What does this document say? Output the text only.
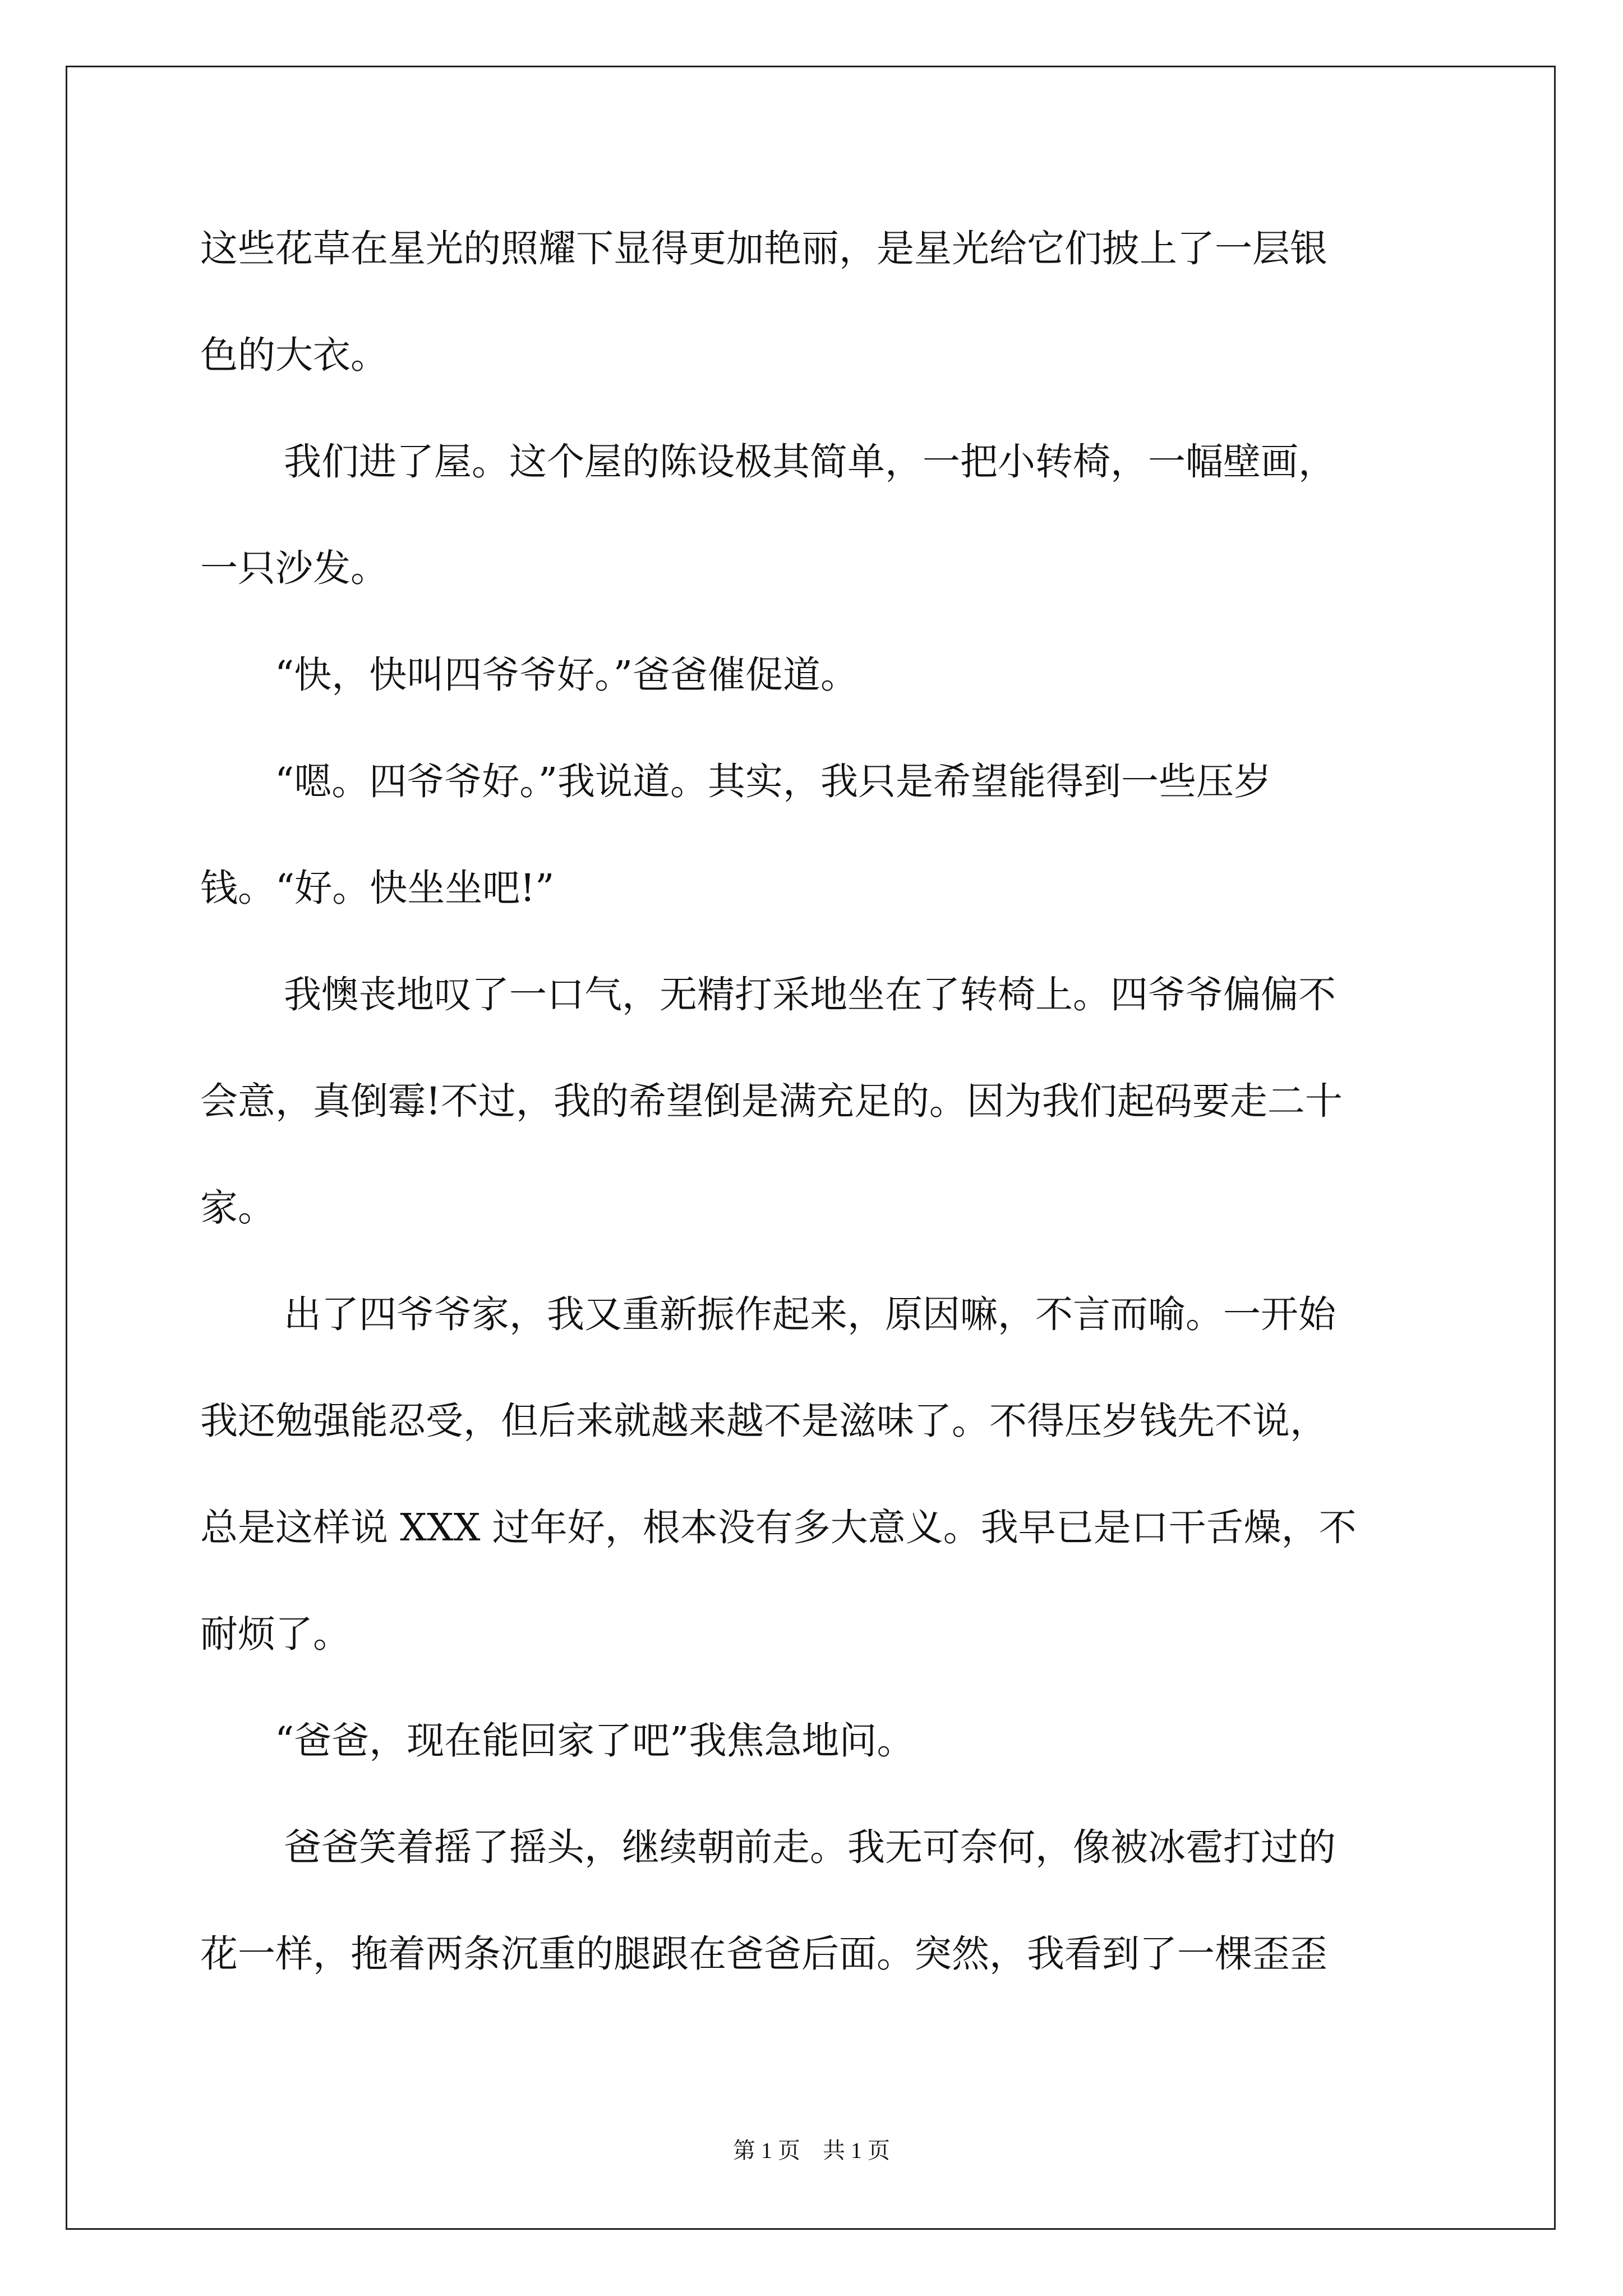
这些花草在星光的照耀下显得更加艳丽，是星光给它们披上了一层银
色的大衣。
我们进了屋。这个屋的陈设极其简单，一把小转椅，一幅壁画，
一只沙发。
“快，快叫四爷爷好。”爸爸催促道。
“嗯。四爷爷好。”我说道。其实，我只是希望能得到一些压岁
钱。“好。快坐坐吧!”
我懊丧地叹了一口气，无精打采地坐在了转椅上。四爷爷偏偏不
会意，真倒霉!不过，我的希望倒是满充足的。因为我们起码要走二十
家。
出了四爷爷家，我又重新振作起来，原因嘛，不言而喻。一开始
我还勉强能忍受，但后来就越来越不是滋味了。不得压岁钱先不说，
总是这样说 XXX 过年好，根本没有多大意义。我早已是口干舌燥，不
耐烦了。
“爸爸，现在能回家了吧”我焦急地问。
爸爸笑着摇了摇头，继续朝前走。我无可奈何，像被冰雹打过的
花一样，拖着两条沉重的腿跟在爸爸后面。突然，我看到了一棵歪歪
第 1 页    共 1 页
